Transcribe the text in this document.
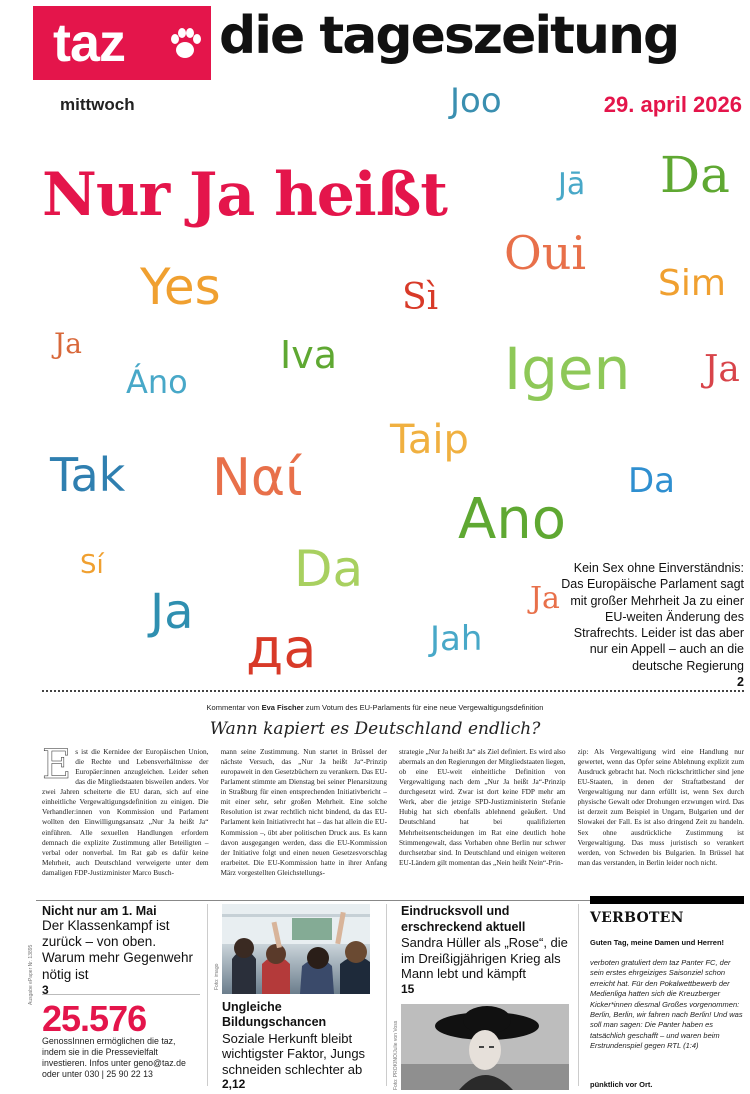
taz die tageszeitung
mittwoch	29. april 2026
Nur Ja heißt
Joo
Jā Da
Oui
Yes	Sì	Sim
Ja	Iva	Igen Ja
Áno
Taip
Tak Ναί	Da
Ano
Sí	Da
Ja	Ja
Jah
да
Kein Sex ohne Einverständnis: Das Europäische Parlament sagt mit großer Mehrheit Ja zu einer EU-weiten Änderung des Strafrechts. Leider ist das aber nur ein Appell – auch an die deutsche Regierung
2
Kommentar von Eva Fischer zum Votum des EU-Parlaments für eine neue Vergewaltigungsdefinition
Wann kapiert es Deutschland endlich?
Es ist die Kernidee der Europäischen Union, die Rechte und Lebensverhältnisse der Europäer:innen anzugleichen. Leider sehen das die Mitgliedstaaten bisweilen anders. Vor zwei Jahren scheiterte die EU daran, sich auf eine einheitliche Vergewaltigungsdefinition zu einigen. Die Verhandler:innen von Kommission und Parlament wollten den Einwilligungsansatz „Nur Ja heißt Ja“ einführen. Alle sexuellen Handlungen erfordern demnach die explizite Zustimmung aller Beteiligten – verbal oder nonverbal. Im Rat gab es dafür keine Mehrheit, auch Deutschland verweigerte unter dem damaligen FDP-Justizminister Marco Busch-
mann seine Zustimmung. Nun startet in Brüssel der nächste Versuch, das „Nur Ja heißt Ja“-Prinzip europaweit in den Gesetzbüchern zu verankern. Das EU-Parlament stimmte am Dienstag bei seiner Plenarsitzung in Straßburg für einen entsprechenden Initiativbericht – mit einer sehr, sehr großen Mehrheit. Eine solche Resolution ist zwar rechtlich nicht bindend, da das EU-Parlament kein Initiativrecht hat – das hat allein die EU-Kommission –, übt aber politischen Druck aus. Es kann davon ausgegangen werden, dass die EU-Kommission der Initiative folgt und einen neuen Gesetzesvorschlag erarbeitet. Die EU-Kommission hatte in ihrer Anfang März vorgestellten Gleichstellungs-
strategie „Nur Ja heißt Ja“ als Ziel definiert. Es wird also abermals an den Regierungen der Mitgliedstaaten liegen, ob eine EU-weit einheitliche Definition von Vergewaltigung nach dem „Nur Ja heißt Ja“-Prinzip durchgesetzt wird. Zwar ist dort keine FDP mehr am Werk, aber die jetzige SPD-Justizministerin Stefanie Hubig hat sich ebenfalls ablehnend geäußert. Und Deutschland hat bei qualifizierten Mehrheitsentscheidungen im Rat eine deutlich hohe Stimmengewalt, dass Vorhaben ohne Berlin nur schwer durchsetzbar sind. In Deutschland und einigen weiteren EU-Ländern gilt momentan das „Nein heißt Nein“-Prin-
zip: Als Vergewaltigung wird eine Handlung nur gewertet, wenn das Opfer seine Ablehnung explizit zum Ausdruck gebracht hat. Noch rückschrittlicher sind jene EU-Staaten, in denen der Straftatbestand der Vergewaltigung nur dann erfüllt ist, wenn Sex durch physische Gewalt oder Drohungen erzwungen wird. Das ist derzeit zum Beispiel in Ungarn, Bulgarien und der Slowakei der Fall. Es ist also dringend Zeit zu handeln. Sex ohne ausdrückliche Zustimmung ist Vergewaltigung. Das muss juristisch so verankert werden, von Schweden bis Bulgarien. In Brüssel hat man das verstanden, in Berlin leider noch nicht.
Nicht nur am 1. Mai
Der Klassenkampf ist zurück – von oben. Warum mehr Gegenwehr nötig ist
3
25.576
GenossInnen ermöglichen die taz, indem sie in die Pressevielfalt investieren. Infos unter geno@taz.de oder unter 030 | 25 90 22 13
Ausgabe ePaper Nr. 13895	Foto: imago
Ungleiche Bildungschancen
Soziale Herkunft bleibt wichtigster Faktor, Jungs schneiden schlechter ab
2,12
Eindrucksvoll und erschreckend aktuell
Sandra Hüller als „Rose“, die im Dreißigjährigen Krieg als Mann lebt und kämpft
15
Foto: PROKINO/Julie von Voss
VERBOTEN
Guten Tag, meine Damen und Herren!
verboten gratuliert dem taz Panter FC, der sein erstes ehrgeiziges Saisonziel schon erreicht hat. Für den Pokalwettbewerb der Medienliga hatten sich die Kreuzberger Kicker*innen diesmal Großes vorgenommen: Berlin, Berlin, wir fahren nach Berlin! Und was soll man sagen: Die Panter haben es tatsächlich geschafft – und waren beim Erstrundenspiel gegen RTL (1:4)
pünktlich vor Ort.
